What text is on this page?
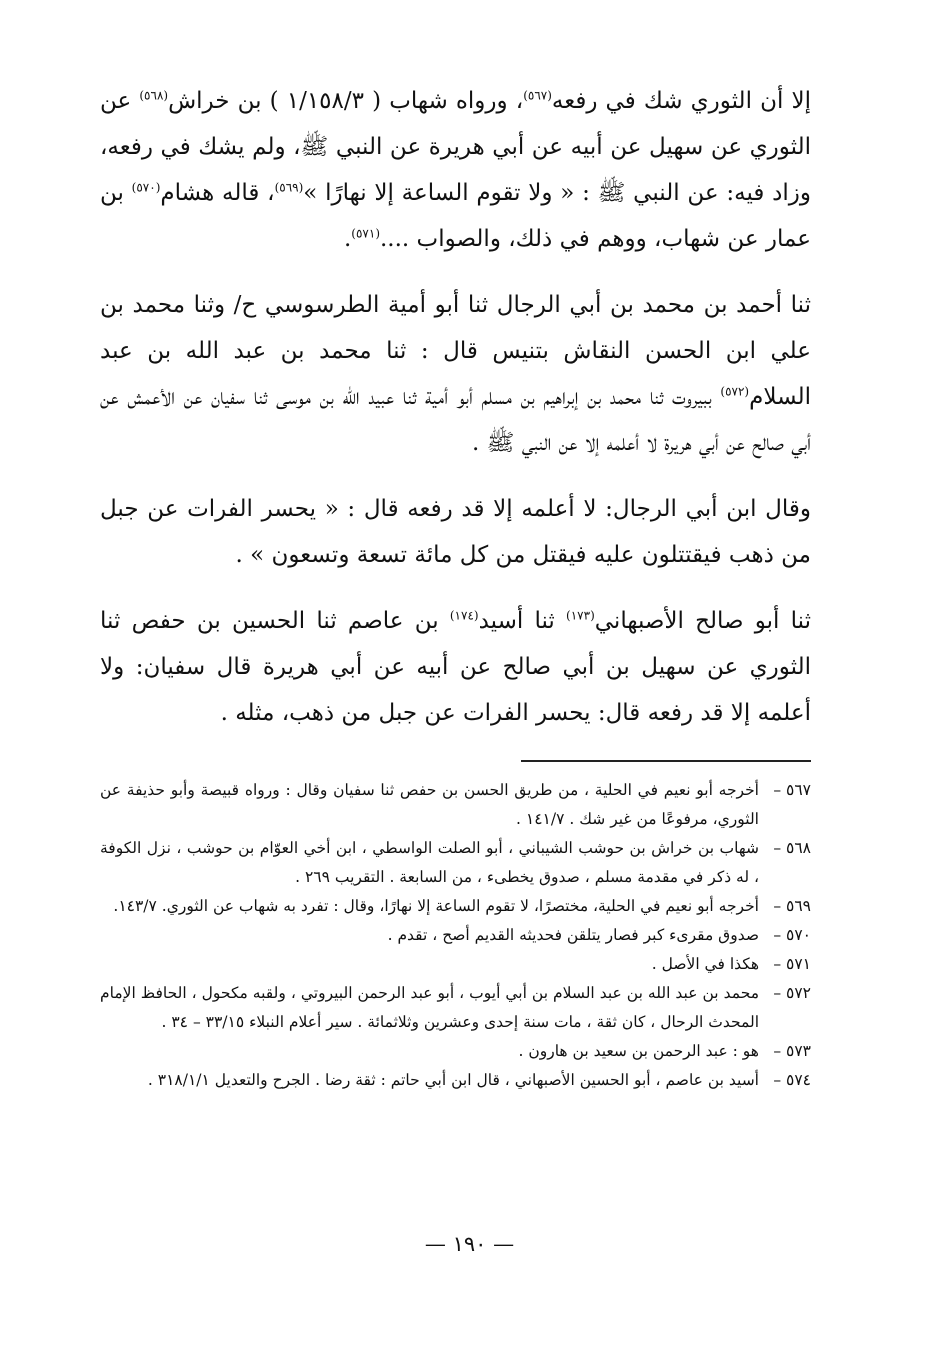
إلا أن الثوري شك في رفعه$^{(٥٦٧)}$، ورواه شهاب ( ١/١٥٨/٣ ) بن خراش$^{(٥٦٨)}$ عن الثوري عن سهيل عن أبيه عن أبي هريرة عن النبي ﷺ، ولم يشك في رفعه، وزاد فيه: عن النبي ﷺ : « ولا تقوم الساعة إلا نهارًا »$^{(٥٦٩)}$، قاله هشام$^{(٥٧٠)}$ بن عمار عن شهاب، ووهم في ذلك، والصواب ....$^{(٥٧١)}$.

ثنا أحمد بن محمد بن أبي الرجال ثنا أبو أمية الطرسوسي ح/ وثنا محمد بن علي ابن الحسن النقاش بتنيس قال : ثنا محمد بن عبد الله بن عبد السلام$^{(٥٧٢)}$ ببيروت ثنا محمد بن إبراهيم بن مسلم أبو أمية ثنا عبيد الله بن موسى ثنا سفيان عن الأعمش عن أبي صالح عن أبي هريرة لا أعلمه إلا عن النبي ﷺ .

وقال ابن أبي الرجال: لا أعلمه إلا قد رفعه قال : « يحسر الفرات عن جبل من ذهب فيقتتلون عليه فيقتل من كل مائة تسعة وتسعون » .

ثنا أبو صالح الأصبهاني$^{(١٧٣)}$ ثنا أسيد$^{(١٧٤)}$ بن عاصم ثنا الحسين بن حفص ثنا الثوري عن سهيل بن أبي صالح عن أبيه عن أبي هريرة قال سفيان: ولا أعلمه إلا قد رفعه قال: يحسر الفرات عن جبل من ذهب، مثله .

٥٦٧ –
أخرجه أبو نعيم في الحلية ، من طريق الحسن بن حفص ثنا سفيان وقال : ورواه قبيصة وأبو حذيفة عن الثوري، مرفوعًا من غير شك . ١٤١/٧ .
٥٦٨ –
شهاب بن خراش بن حوشب الشيباني ، أبو الصلت الواسطي ، ابن أخي العوّام بن حوشب ، نزل الكوفة ، له ذكر في مقدمة مسلم ، صدوق يخطىء ، من السابعة . التقريب ٢٦٩ .
٥٦٩ –
أخرجه أبو نعيم في الحلية، مختصرًا، لا تقوم الساعة إلا نهارًا، وقال : تفرد به شهاب عن الثوري. ١٤٣/٧.
٥٧٠ –
صدوق مقرىء كبر فصار يتلقن فحديثه القديم أصح ، تقدم .
٥٧١ –
هكذا في الأصل .
٥٧٢ –
محمد بن عبد الله بن عبد السلام بن أبي أيوب ، أبو عبد الرحمن البيروتي ، ولقبه مكحول ، الحافظ الإمام المحدث الرحال ، كان ثقة ، مات سنة إحدى وعشرين وثلاثمائة . سير أعلام النبلاء ٣٣/١٥ – ٣٤ .
٥٧٣ –
هو : عبد الرحمن بن سعيد بن هارون .
٥٧٤ –
أسيد بن عاصم ، أبو الحسين الأصبهاني ، قال ابن أبي حاتم : ثقة رضا . الجرح والتعديل ٣١٨/١/١ .
— ١٩٠ —
